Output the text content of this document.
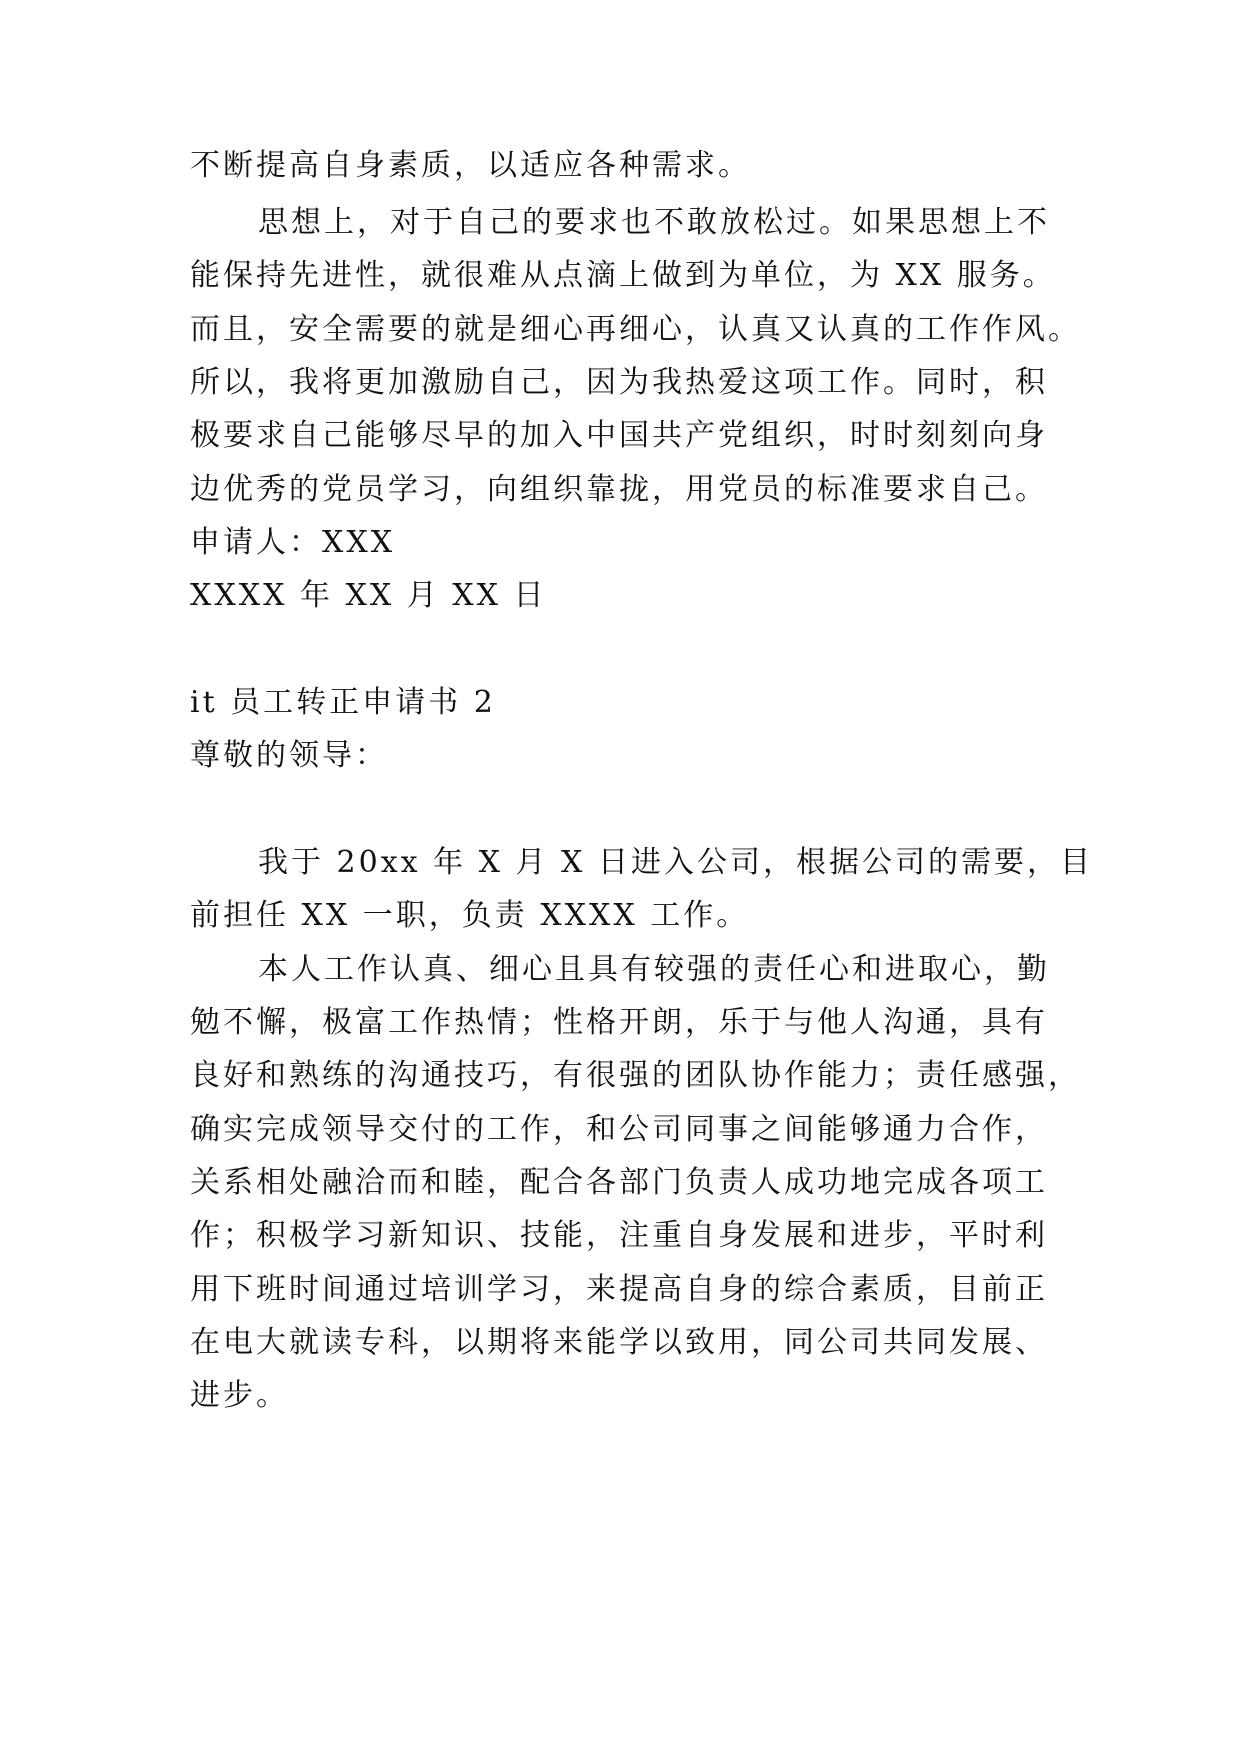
不断提高自身素质，以适应各种需求。

思想上，对于自己的要求也不敢放松过。如果思想上不

能保持先进性，就很难从点滴上做到为单位，为 XX 服务。

而且，安全需要的就是细心再细心，认真又认真的工作作风。

所以，我将更加激励自己，因为我热爱这项工作。同时，积

极要求自己能够尽早的加入中国共产党组织，时时刻刻向身

边优秀的党员学习，向组织靠拢，用党员的标准要求自己。

申请人：XXX

XXXX 年 XX 月 XX 日

it 员工转正申请书 2

尊敬的领导：

我于 20xx 年 X 月 X 日进入公司，根据公司的需要，目

前担任 XX 一职，负责 XXXX 工作。

本人工作认真、细心且具有较强的责任心和进取心，勤

勉不懈，极富工作热情；性格开朗，乐于与他人沟通，具有

良好和熟练的沟通技巧，有很强的团队协作能力；责任感强，

确实完成领导交付的工作，和公司同事之间能够通力合作，

关系相处融洽而和睦，配合各部门负责人成功地完成各项工

作；积极学习新知识、技能，注重自身发展和进步，平时利

用下班时间通过培训学习，来提高自身的综合素质，目前正

在电大就读专科，以期将来能学以致用，同公司共同发展、

进步。
